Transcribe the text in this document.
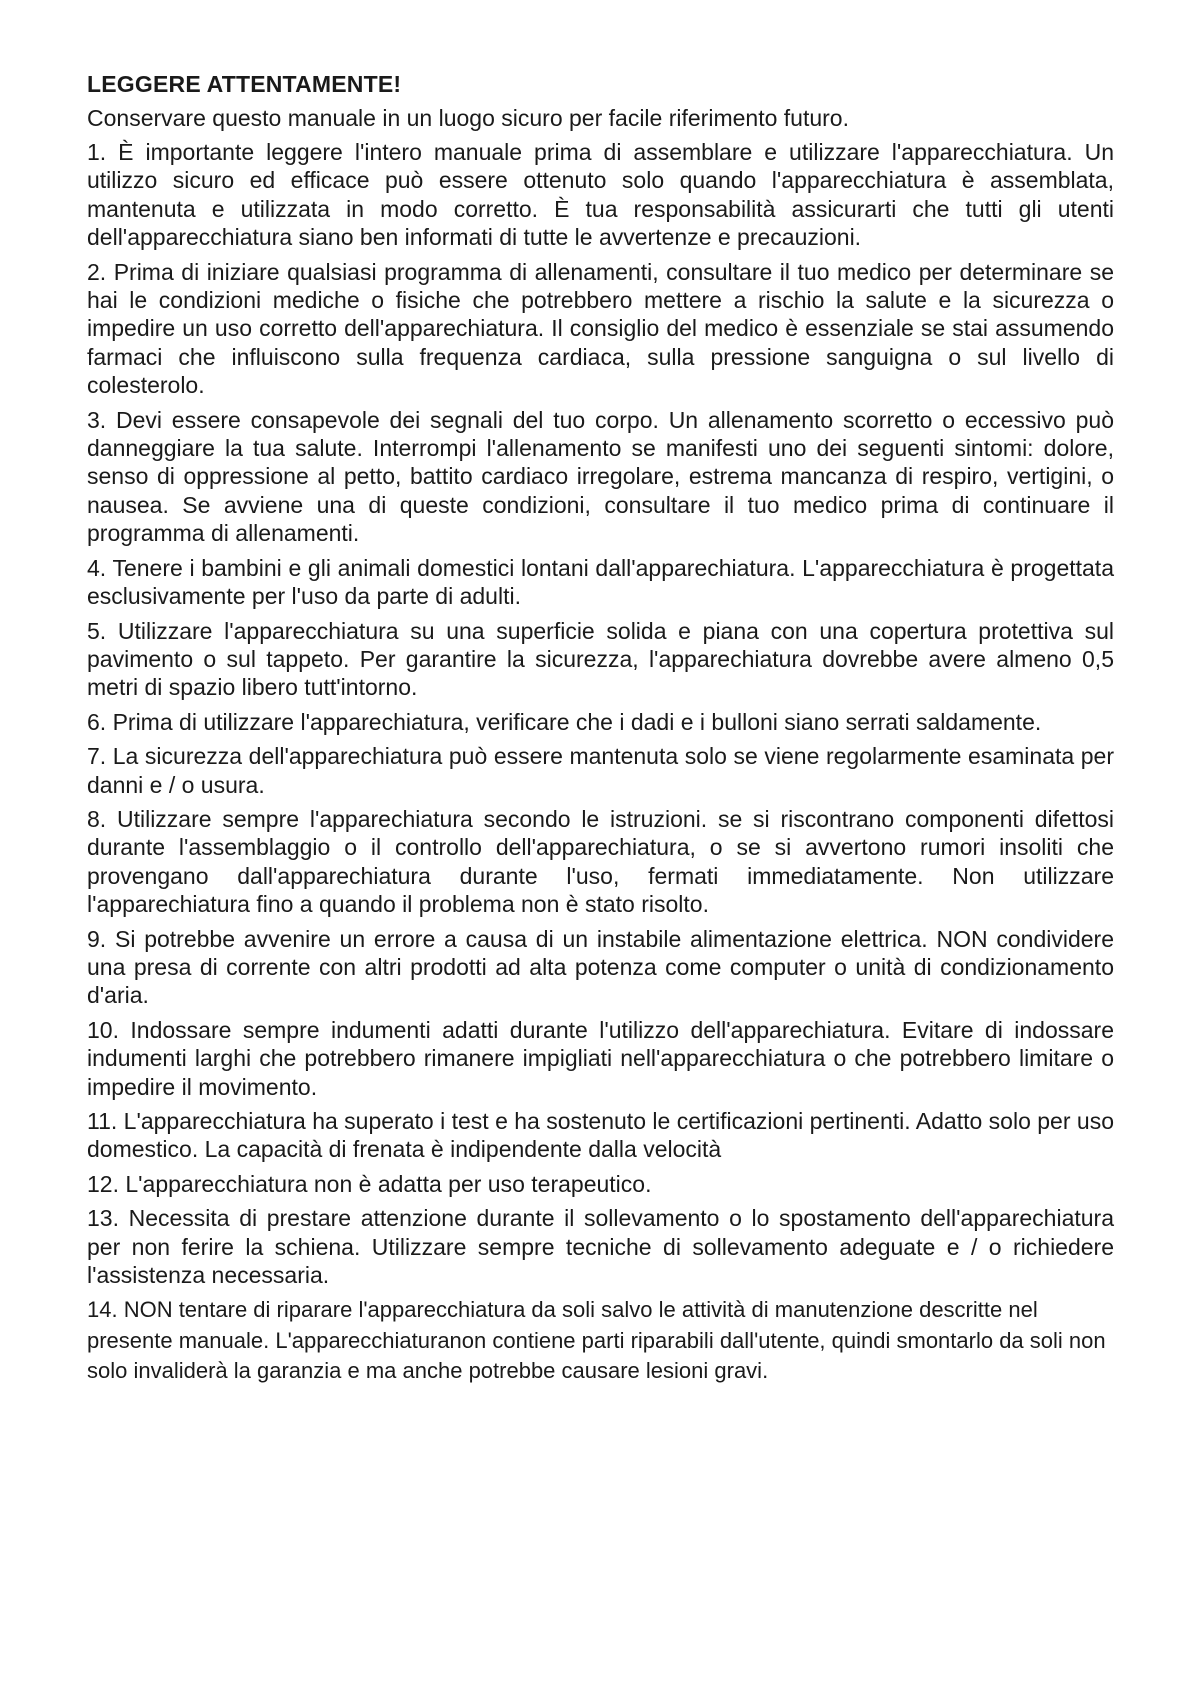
LEGGERE ATTENTAMENTE!
Conservare questo manuale in un luogo sicuro per facile riferimento futuro.
1. È importante leggere l'intero manuale prima di assemblare e utilizzare l'apparecchiatura. Un utilizzo sicuro ed efficace può essere ottenuto solo quando l'apparecchiatura è assemblata, mantenuta e utilizzata in modo corretto. È tua responsabilità assicurarti che tutti gli utenti dell'apparecchiatura siano ben informati di tutte le avvertenze e precauzioni.
2. Prima di iniziare qualsiasi programma di allenamenti, consultare il tuo medico per determinare se hai le condizioni mediche o fisiche che potrebbero mettere a rischio la salute e la sicurezza o impedire un uso corretto dell'apparechiatura. Il consiglio del medico è essenziale se stai assumendo farmaci che influiscono sulla frequenza cardiaca, sulla pressione sanguigna o sul livello di colesterolo.
3. Devi essere consapevole dei segnali del tuo corpo. Un allenamento scorretto o eccessivo può danneggiare la tua salute. Interrompi l'allenamento se manifesti uno dei seguenti sintomi: dolore, senso di oppressione al petto, battito cardiaco irregolare, estrema mancanza di respiro, vertigini, o nausea. Se avviene una di queste condizioni, consultare il tuo medico prima di continuare il programma di allenamenti.
4. Tenere i bambini e gli animali domestici lontani dall'apparechiatura. L'apparecchiatura è progettata esclusivamente per l'uso da parte di adulti.
5. Utilizzare l'apparecchiatura su una superficie solida e piana con una copertura protettiva sul pavimento o sul tappeto. Per garantire la sicurezza, l'apparechiatura dovrebbe avere almeno 0,5 metri di spazio libero tutt'intorno.
6. Prima di utilizzare l'apparechiatura, verificare che i dadi e i bulloni siano serrati saldamente.
7. La sicurezza dell'apparechiatura può essere mantenuta solo se viene regolarmente esaminata per danni e / o usura.
8. Utilizzare sempre l'apparechiatura secondo le istruzioni. se si riscontrano componenti difettosi durante l'assemblaggio o il controllo dell'apparechiatura, o se si avvertono rumori insoliti che provengano dall'apparechiatura durante l'uso, fermati immediatamente. Non utilizzare l'apparechiatura fino a quando il problema non è stato risolto.
9. Si potrebbe avvenire un errore a causa di un instabile alimentazione elettrica. NON condividere una presa di corrente con altri prodotti ad alta potenza come computer o unità di condizionamento d'aria.
10. Indossare sempre indumenti adatti durante l'utilizzo dell'apparechiatura. Evitare di indossare indumenti larghi che potrebbero rimanere impigliati nell'apparecchiatura o che potrebbero limitare o impedire il movimento.
11. L'apparecchiatura ha superato i test e ha sostenuto le certificazioni pertinenti. Adatto solo per uso domestico. La capacità di frenata è indipendente dalla velocità
12. L'apparecchiatura non è adatta per uso terapeutico.
13. Necessita di prestare attenzione durante il sollevamento o lo spostamento dell'apparechiatura per non ferire la schiena. Utilizzare sempre tecniche di sollevamento adeguate e / o richiedere l'assistenza necessaria.
14. NON tentare di riparare l'apparecchiatura da soli salvo le attività di manutenzione descritte nel presente manuale. L'apparecchiaturanon contiene parti riparabili dall'utente, quindi smontarlo da soli non solo invaliderà la garanzia e ma anche potrebbe causare lesioni gravi.
